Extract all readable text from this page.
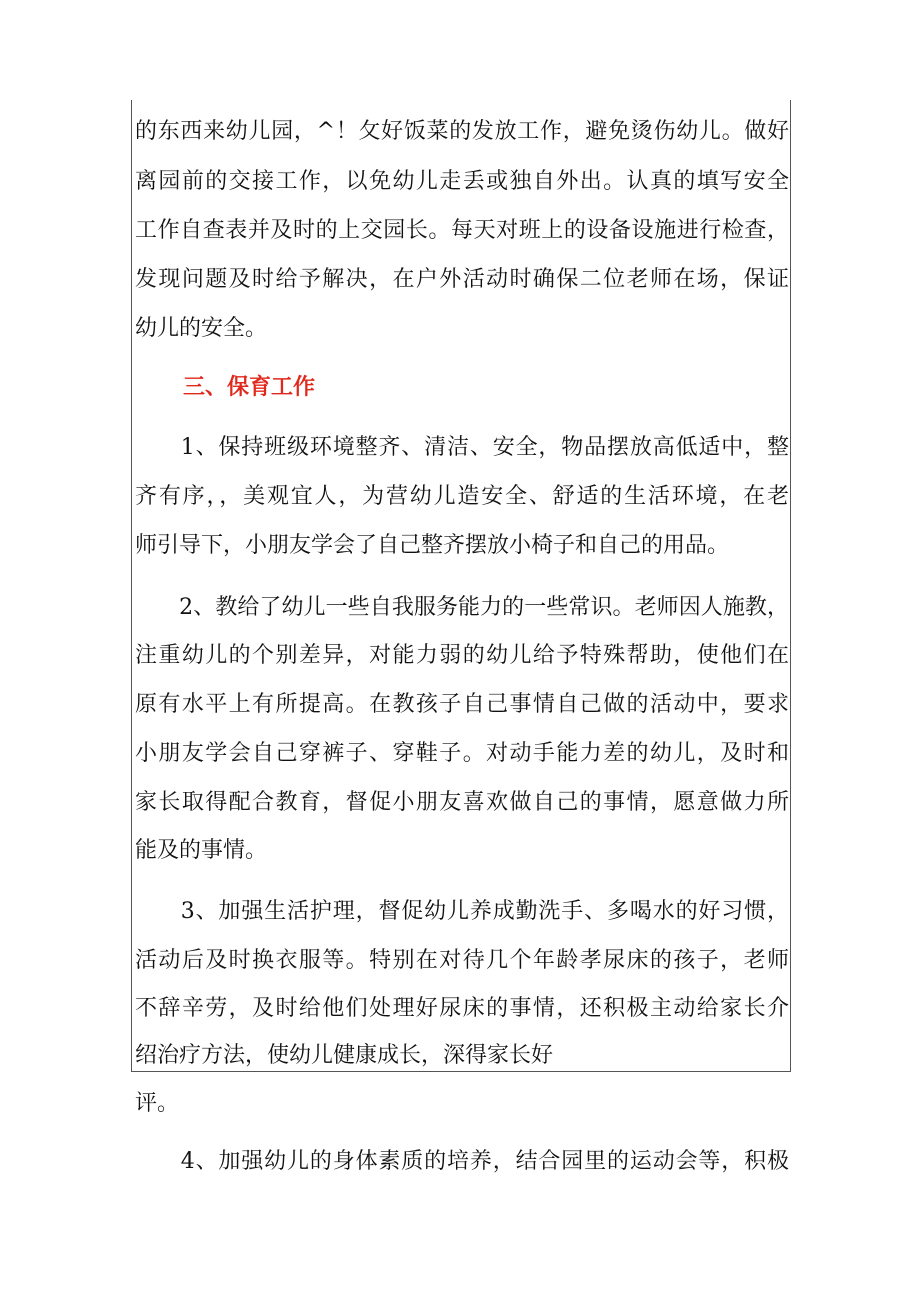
的东西来幼儿园，^！攵好饭菜的发放工作，避免烫伤幼儿。做好

离园前的交接工作，以免幼儿走丢或独自外出。认真的填写安全

工作自查表并及时的上交园长。每天对班上的设备设施进行检查，

发现问题及时给予解决，在户外活动时确保二位老师在场，保证

幼儿的安全。

三、保育工作

　　1、保持班级环境整齐、清洁、安全，物品摆放高低适中，整

齐有序，，美观宜人，为营幼儿造安全、舒适的生活环境，在老

师引导下，小朋友学会了自己整齐摆放小椅子和自己的用品。

　　2、教给了幼儿一些自我服务能力的一些常识。老师因人施教，

注重幼儿的个别差异，对能力弱的幼儿给予特殊帮助，使他们在

原有水平上有所提高。在教孩子自己事情自己做的活动中，要求

小朋友学会自己穿裤子、穿鞋子。对动手能力差的幼儿，及时和

家长取得配合教育，督促小朋友喜欢做自己的事情，愿意做力所

能及的事情。

　　3、加强生活护理，督促幼儿养成勤洗手、多喝水的好习惯，

活动后及时换衣服等。特别在对待几个年龄孝尿床的孩子，老师

不辞辛劳，及时给他们处理好尿床的事情，还积极主动给家长介

绍治疗方法，使幼儿健康成长，深得家长好

评。

　　4、加强幼儿的身体素质的培养，结合园里的运动会等，积极
